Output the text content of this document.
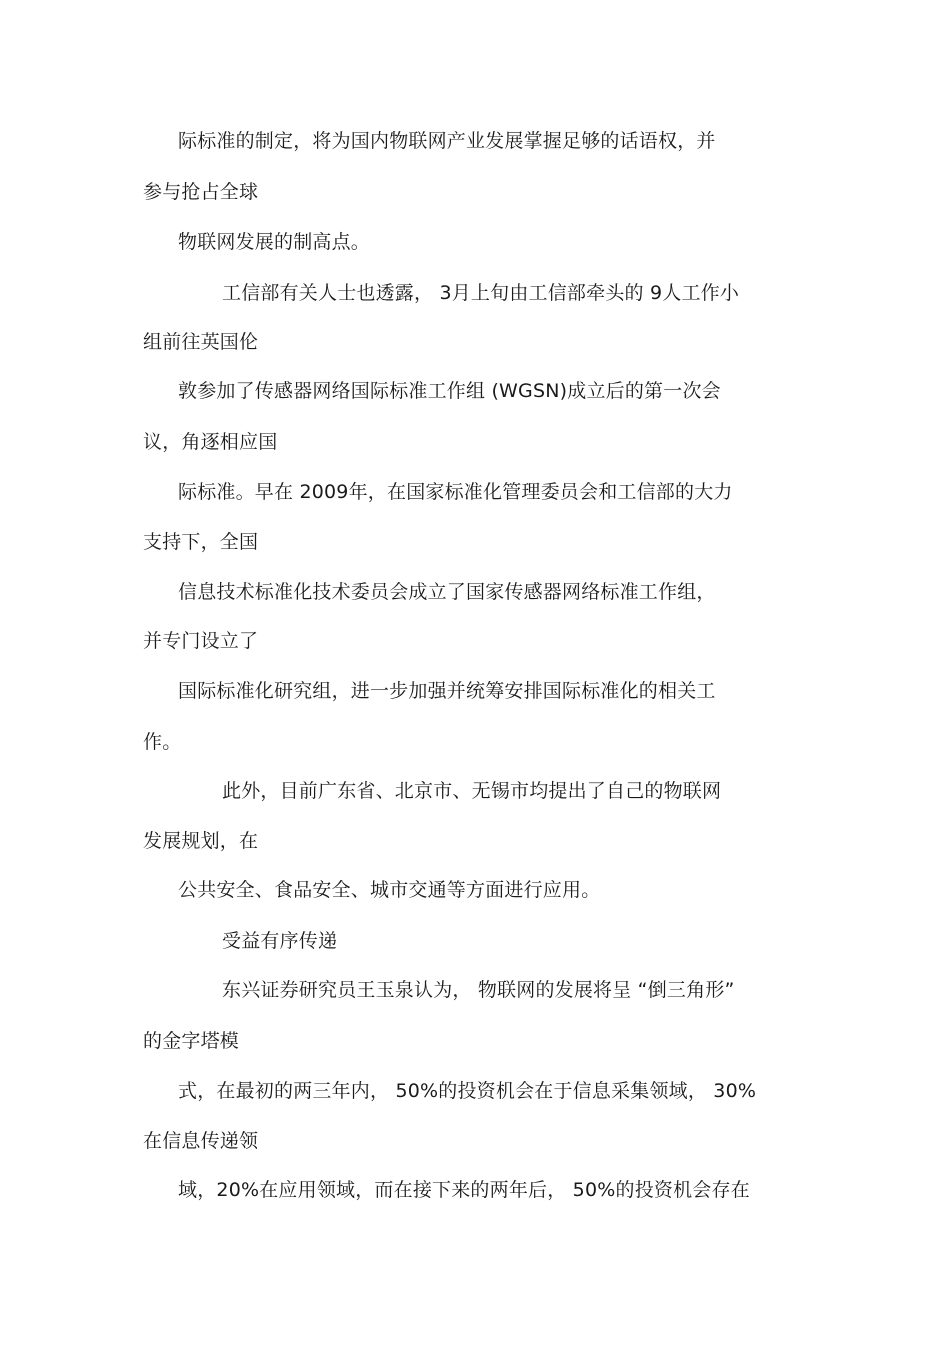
际标准的制定，将为国内物联网产业发展掌握足够的话语权，并
参与抢占全球
物联网发展的制高点。
工信部有关人士也透露， 3月上旬由工信部牵头的 9人工作小
组前往英国伦
敦参加了传感器网络国际标准工作组 (WGSN)成立后的第一次会
议，角逐相应国
际标准。早在 2009年，在国家标准化管理委员会和工信部的大力
支持下，全国
信息技术标准化技术委员会成立了国家传感器网络标准工作组，
并专门设立了
国际标准化研究组，进一步加强并统筹安排国际标准化的相关工
作。
此外，目前广东省、北京市、无锡市均提出了自己的物联网
发展规划，在
公共安全、食品安全、城市交通等方面进行应用。
受益有序传递
东兴证券研究员王玉泉认为， 物联网的发展将呈 “倒三角形”
的金字塔模
式，在最初的两三年内， 50%的投资机会在于信息采集领域， 30%
在信息传递领
域，20%在应用领域，而在接下来的两年后， 50%的投资机会存在
